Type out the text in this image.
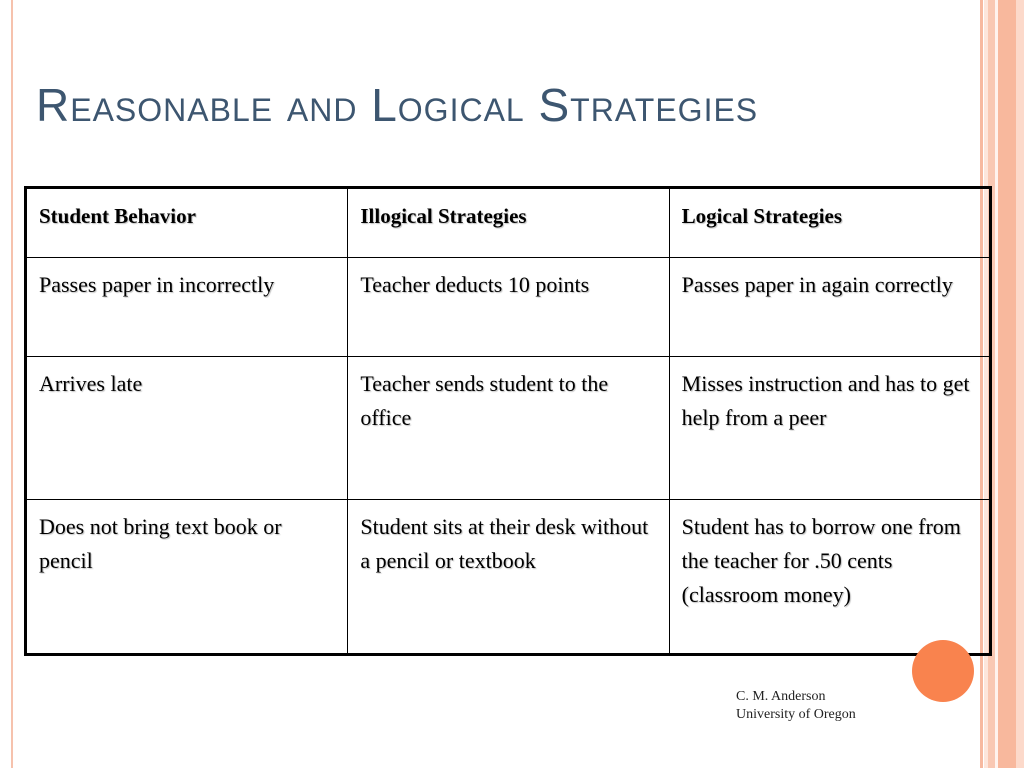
Reasonable and Logical Strategies
Student Behavior	Illogical Strategies	Logical Strategies
Passes paper in incorrectly	Teacher deducts 10 points	Passes paper in again correctly
Arrives late	Teacher sends student to the office	Misses instruction and has to get help from a peer
Does not bring text book or pencil	Student sits at their desk without a pencil or textbook	Student has to borrow one from the teacher for .50 cents (classroom money)
C. M. Anderson
University of Oregon
